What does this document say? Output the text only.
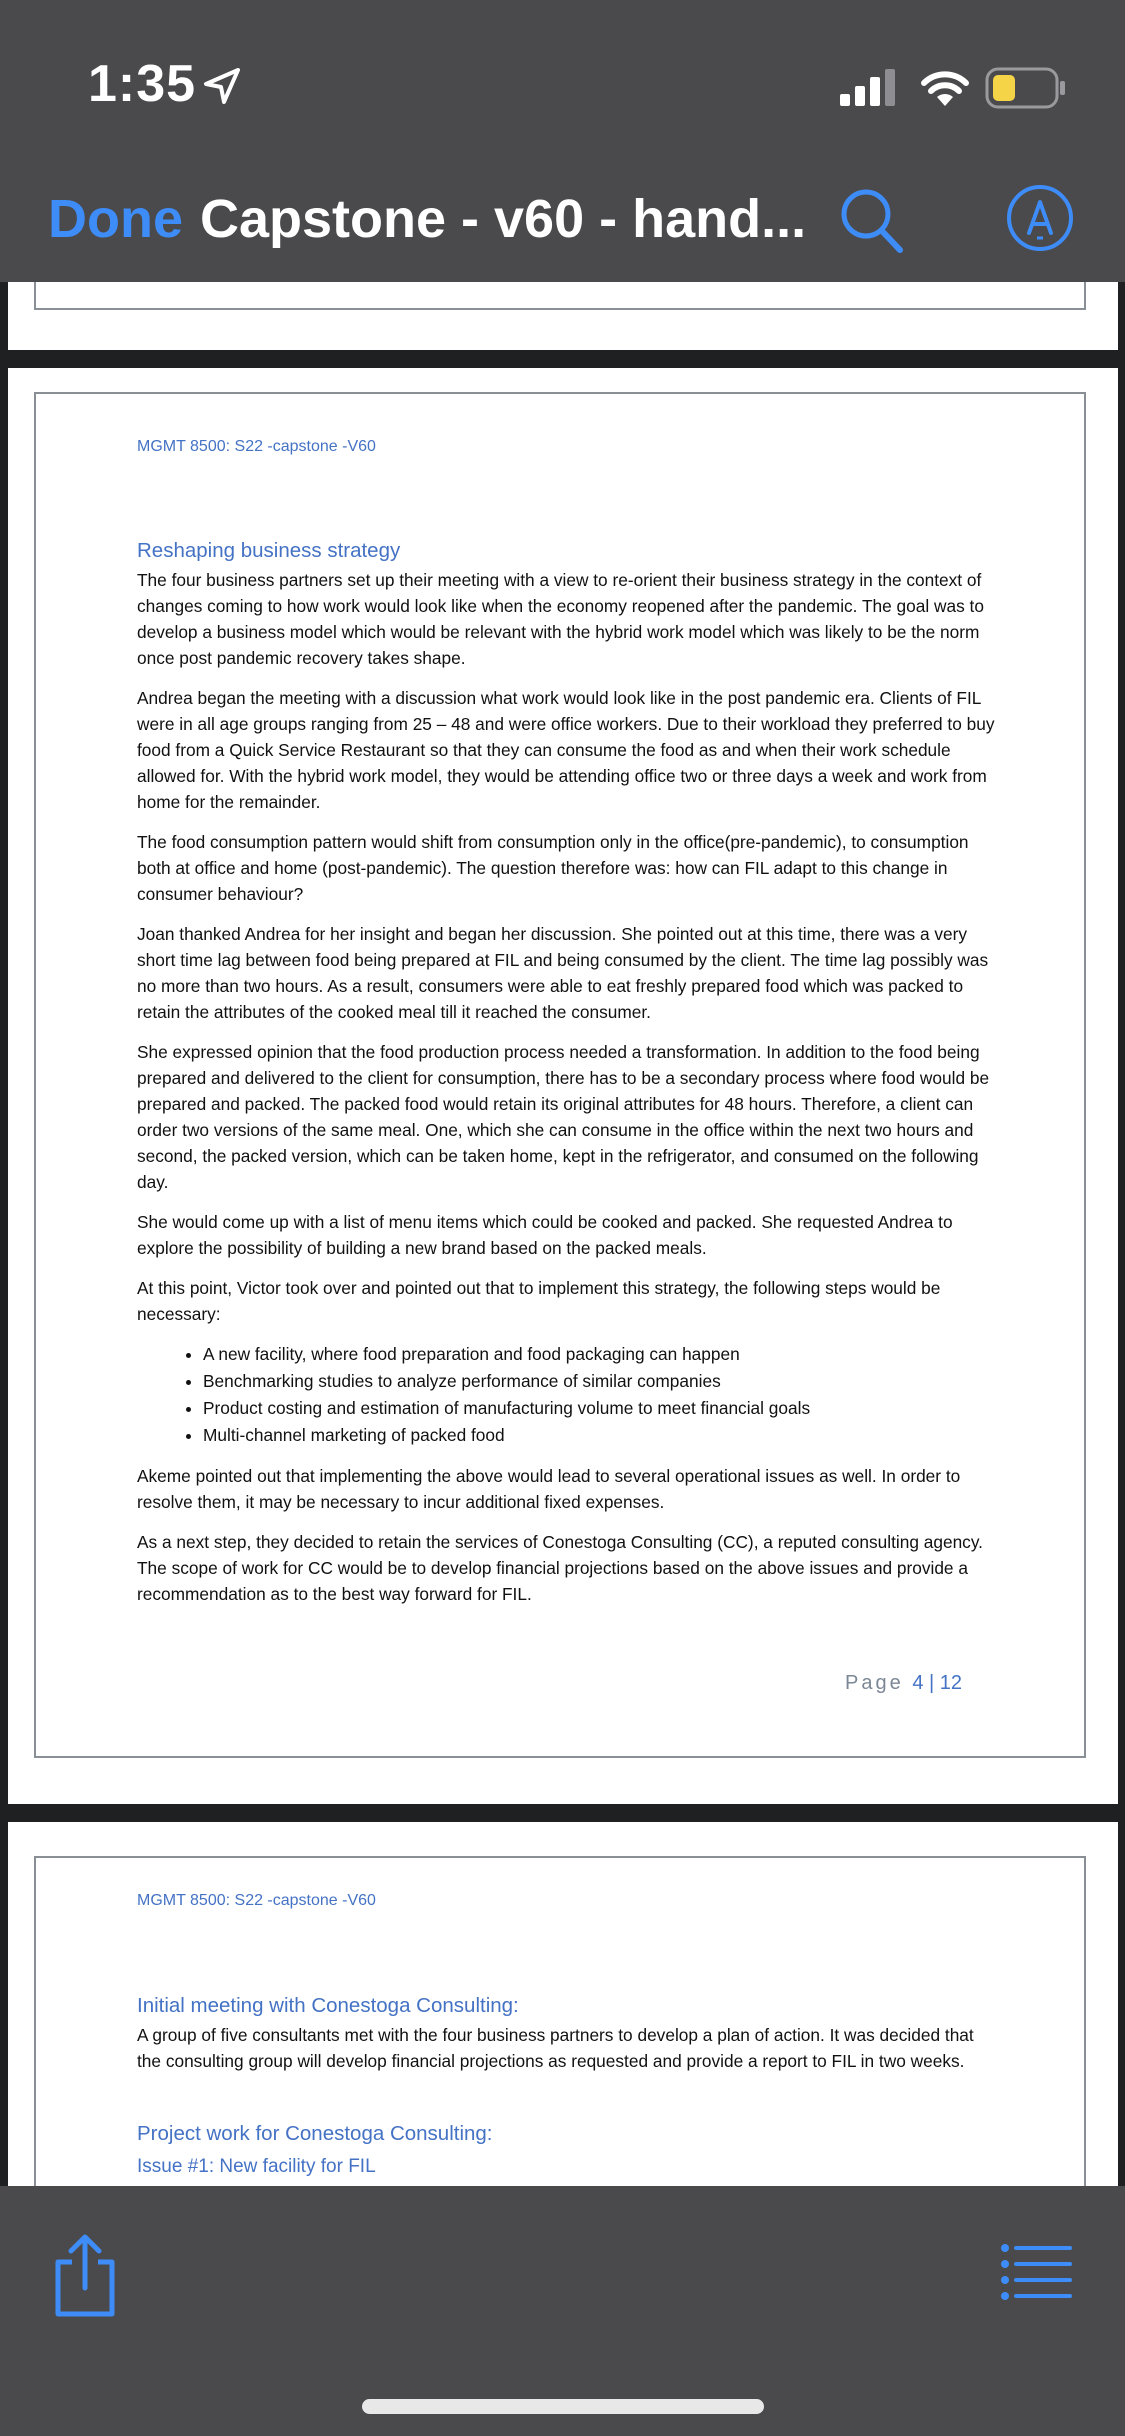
1:35
Done Capstone - v60 - hand...
MGMT 8500: S22 -capstone -V60
Reshaping business strategy

The four business partners set up their meeting with a view to re-orient their business strategy in the context of changes coming to how work would look like when the economy reopened after the pandemic. The goal was to develop a business model which would be relevant with the hybrid work model which was likely to be the norm once post pandemic recovery takes shape.

Andrea began the meeting with a discussion what work would look like in the post pandemic era. Clients of FIL were in all age groups ranging from 25 – 48 and were office workers. Due to their workload they preferred to buy food from a Quick Service Restaurant so that they can consume the food as and when their work schedule allowed for. With the hybrid work model, they would be attending office two or three days a week and work from home for the remainder.

The food consumption pattern would shift from consumption only in the office(pre-pandemic), to consumption both at office and home (post-pandemic). The question therefore was: how can FIL adapt to this change in consumer behaviour?

Joan thanked Andrea for her insight and began her discussion. She pointed out at this time, there was a very short time lag between food being prepared at FIL and being consumed by the client. The time lag possibly was no more than two hours. As a result, consumers were able to eat freshly prepared food which was packed to retain the attributes of the cooked meal till it reached the consumer.

She expressed opinion that the food production process needed a transformation. In addition to the food being prepared and delivered to the client for consumption, there has to be a secondary process where food would be prepared and packed. The packed food would retain its original attributes for 48 hours. Therefore, a client can order two versions of the same meal. One, which she can consume in the office within the next two hours and second, the packed version, which can be taken home, kept in the refrigerator, and consumed on the following day.

She would come up with a list of menu items which could be cooked and packed. She requested Andrea to explore the possibility of building a new brand based on the packed meals.

At this point, Victor took over and pointed out that to implement this strategy, the following steps would be necessary:

• A new facility, where food preparation and food packaging can happen
• Benchmarking studies to analyze performance of similar companies
• Product costing and estimation of manufacturing volume to meet financial goals
• Multi-channel marketing of packed food

Akeme pointed out that implementing the above would lead to several operational issues as well. In order to resolve them, it may be necessary to incur additional fixed expenses.

As a next step, they decided to retain the services of Conestoga Consulting (CC), a reputed consulting agency. The scope of work for CC would be to develop financial projections based on the above issues and provide a recommendation as to the best way forward for FIL.

Page 4 | 12
MGMT 8500: S22 -capstone -V60
Initial meeting with Conestoga Consulting:
A group of five consultants met with the four business partners to develop a plan of action. It was decided that the consulting group will develop financial projections as requested and provide a report to FIL in two weeks.
Project work for Conestoga Consulting:
Issue #1: New facility for FIL
